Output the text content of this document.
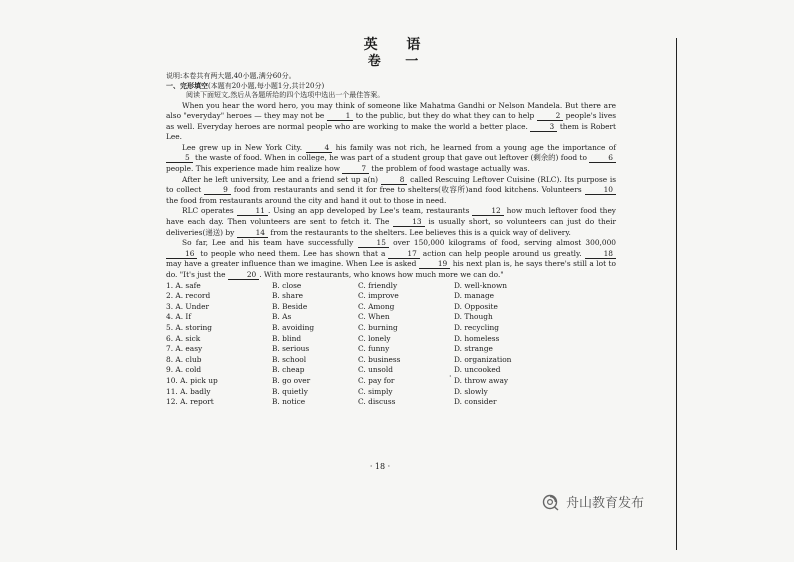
英 语
卷 一
说明:本卷共有两大题,40小题,满分60分。
一、完形填空(本题有20小题,每小题1分,共计20分)
阅读下面短文,然后从各题所给的四个选项中选出一个最佳答案。

When you hear the word hero, you may think of someone like Mahatma Gandhi or Nelson Mandela. But there are also "everyday" heroes — they may not be	1 to the public, but they do what they can to help	2 people's lives as well. Everyday heroes are normal people who are working to make the world a better place.	3 them is Robert Lee.

Lee grew up in New York City.	4 his family was not rich, he learned from a young age the importance of 5 the waste of food. When in college, he was part of a student group that gave out leftover (剩余的) food to	6 people. This experience made him realize how	7 the problem of food wastage actually was.

After he left university, Lee and a friend set up a(n)	8 called Rescuing Leftover Cuisine (RLC). Its purpose is to collect	9 food from restaurants and send it for free to shelters(收容所)and food kitchens. Volunteers	10 the food from restaurants around the city and hand it out to those in need.

RLC operates	11 . Using an app developed by Lee's team, restaurants	12 how much leftover food they have each day. Then volunteers are sent to fetch it. The	13 is usually short, so volunteers can just do their deliveries(递送) by	14 from the restaurants to the shelters. Lee believes this is a quick way of delivery.

So far, Lee and his team have successfully	15 over 150,000 kilograms of food, serving almost 300,000 16 to people who need them. Lee has shown that a	17 action can help people around us greatly.	18 may have a greater influence than we imagine. When Lee is asked	19 his next plan is, he says there's still a lot to do. "It's just the	20 . With more restaurants, who knows how much more we can do."

1. A. safe	B. close	C. friendly	D. well-known
2. A. record	B. share	C. improve	D. manage
3. A. Under	B. Beside	C. Among	D. Opposite
4. A. If	B. As	C. When	D. Though
5. A. storing	B. avoiding	C. burning	D. recycling
6. A. sick	B. blind	C. lonely	D. homeless
7. A. easy	B. serious	C. funny	D. strange
8. A. club	B. school	C. business	D. organization
9. A. cold	B. cheap	C. unsold	D. uncooked
10. A. pick up	B. go over	C. pay for	D. throw away
11. A. badly	B. quietly	C. simply	D. slowly
12. A. report	B. notice	C. discuss	D. consider
·
· 18 ·
舟山教育发布
